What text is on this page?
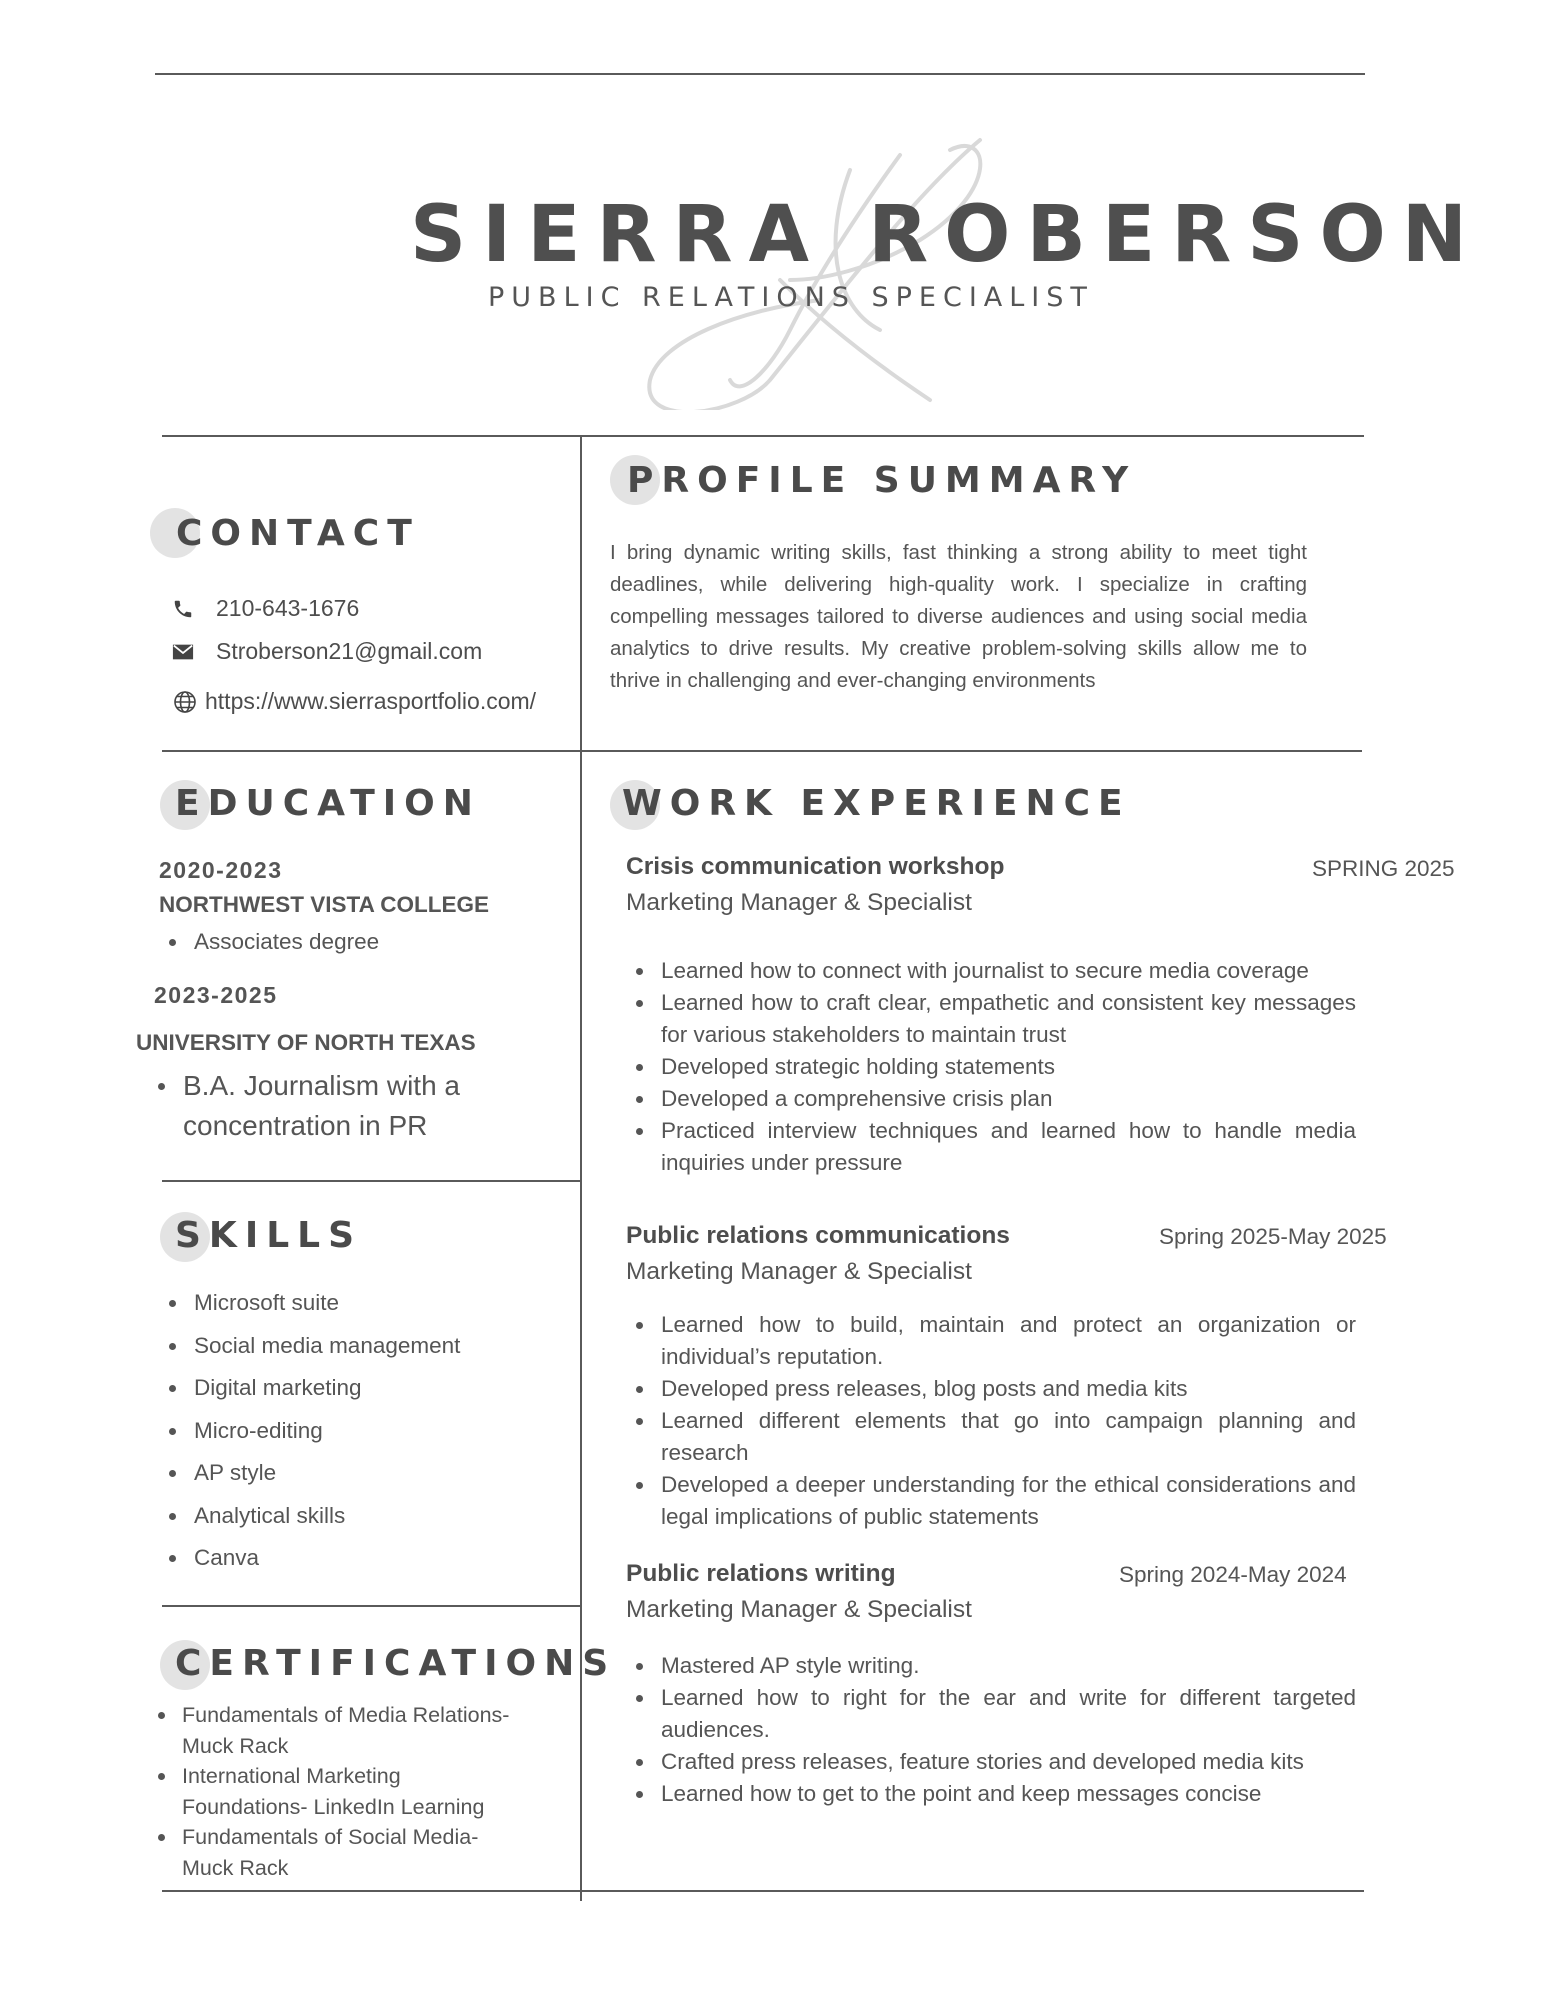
SIERRA ROBERSON
PUBLIC RELATIONS SPECIALIST
CONTACT
210-643-1676
Stroberson21@gmail.com
https://www.sierrasportfolio.com/
PROFILE SUMMARY
I bring dynamic writing skills, fast thinking a strong ability to meet tight deadlines, while delivering high-quality work. I specialize in crafting compelling messages tailored to diverse audiences and using social media analytics to drive results. My creative problem-solving skills allow me to thrive in challenging and ever-changing environments
EDUCATION
2020-2023
NORTHWEST VISTA COLLEGE
Associates degree
2023-2025
UNIVERSITY OF NORTH TEXAS
B.A. Journalism with a concentration in PR
SKILLS
Microsoft suite
Social media management
Digital marketing
Micro-editing
AP style
Analytical skills
Canva
CERTIFICATIONS
Fundamentals of Media Relations- Muck Rack
International Marketing Foundations- LinkedIn Learning
Fundamentals of Social Media- Muck Rack
WORK EXPERIENCE
Crisis communication workshop	SPRING 2025
Marketing Manager & Specialist
Learned how to connect with journalist to secure media coverage
Learned how to craft clear, empathetic and consistent key messages for various stakeholders to maintain trust
Developed strategic holding statements
Developed a comprehensive crisis plan
Practiced interview techniques and learned how to handle media inquiries under pressure
Public relations communications	Spring 2025-May 2025
Marketing Manager & Specialist
Learned how to build, maintain and protect an organization or individual’s reputation.
Developed press releases, blog posts and media kits
Learned different elements that go into campaign planning and research
Developed a deeper understanding for the ethical considerations and legal implications of public statements
Public relations writing	Spring 2024-May 2024
Marketing Manager & Specialist
Mastered AP style writing.
Learned how to right for the ear and write for different targeted audiences.
Crafted press releases, feature stories and developed media kits
Learned how to get to the point and keep messages concise
